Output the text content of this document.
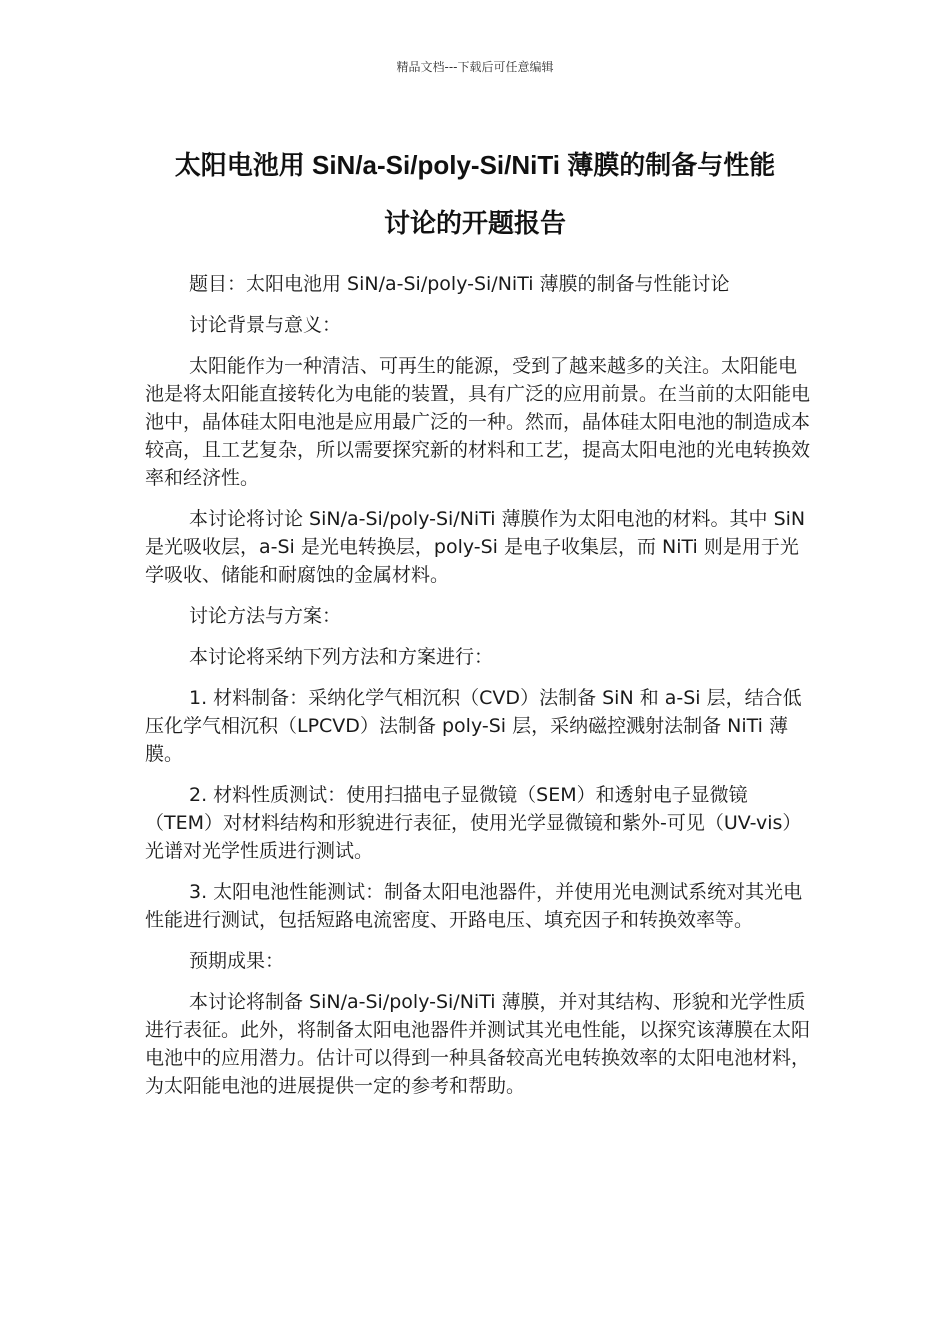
精品文档---下载后可任意编辑
太阳电池用 SiN/a-Si/poly-Si/NiTi 薄膜的制备与性能
讨论的开题报告

题目：太阳电池用 SiN/a-Si/poly-Si/NiTi 薄膜的制备与性能讨论

讨论背景与意义：

太阳能作为一种清洁、可再生的能源，受到了越来越多的关注。太阳能电池是将太阳能直接转化为电能的装置，具有广泛的应用前景。在当前的太阳能电池中，晶体硅太阳电池是应用最广泛的一种。然而，晶体硅太阳电池的制造成本较高，且工艺复杂，所以需要探究新的材料和工艺，提高太阳电池的光电转换效率和经济性。

本讨论将讨论 SiN/a-Si/poly-Si/NiTi 薄膜作为太阳电池的材料。其中 SiN 是光吸收层，a-Si 是光电转换层，poly-Si 是电子收集层，而 NiTi 则是用于光学吸收、储能和耐腐蚀的金属材料。

讨论方法与方案：

本讨论将采纳下列方法和方案进行：

1. 材料制备：采纳化学气相沉积（CVD）法制备 SiN 和 a-Si 层，结合低压化学气相沉积（LPCVD）法制备 poly-Si 层，采纳磁控溅射法制备 NiTi 薄膜。

2. 材料性质测试：使用扫描电子显微镜（SEM）和透射电子显微镜（TEM）对材料结构和形貌进行表征，使用光学显微镜和紫外-可见（UV-vis）光谱对光学性质进行测试。

3. 太阳电池性能测试：制备太阳电池器件，并使用光电测试系统对其光电性能进行测试，包括短路电流密度、开路电压、填充因子和转换效率等。

预期成果：

本讨论将制备 SiN/a-Si/poly-Si/NiTi 薄膜，并对其结构、形貌和光学性质进行表征。此外，将制备太阳电池器件并测试其光电性能，以探究该薄膜在太阳电池中的应用潜力。估计可以得到一种具备较高光电转换效率的太阳电池材料，为太阳能电池的进展提供一定的参考和帮助。
